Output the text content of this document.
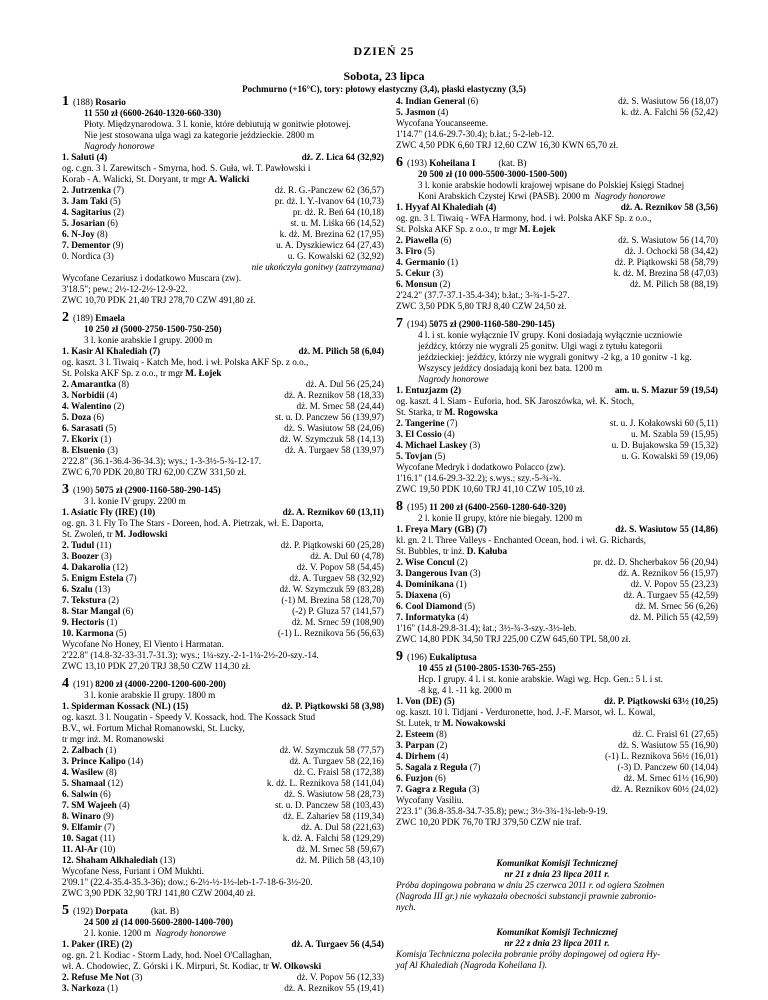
DZIEŃ 25
Sobota, 23 lipca
Pochmurno (+16°C), tory: płotowy elastyczny (3,4), płaski elastyczny (3,5)
1 (188) Rosario
11 550 zł (6600-2640-1320-660-330)
Płoty. Międzynarodowa. 3 l. konie, które debiutują w gonitwie płotowej.
Nie jest stosowana ulga wagi za kategorie jeździeckie. 2800 m
Nagrody honorowe
1. Saluti (4)	dż. Z. Lica 64 (32,92)
og. c.gn. 3 l. Zarewitsch - Smyrna, hod. S. Guła, wł. T. Pawłowski i
Korab - A. Walicki, St. Doryant, tr mgr A. Walicki
2. Jutrzenka (7)	dż. R. G.-Panczew 62 (36,57)
3. Jam Taki (5)	pr. dż. I. Y.-Ivanov 64 (10,73)
4. Sagitarius (2)	pr. dż. R. Beń 64 (10,18)
5. Josarian (6)	st. u. M. Liśka 66 (14,52)
6. N-Joy (8)	k. dż. M. Brezina 62 (17,95)
7. Dementor (9)	u. A. Dyszkiewicz 64 (27,43)
0. Nordica (3)	u. G. Kowalski 62 (32,92)
nie ukończyła gonitwy (zatrzymana)
Wycofane Cezariusz i dodatkowo Muscara (zw).
3'18.5"; pew.; 2½-12-2½-12-9-22.
ZWC 10,70 PDK 21,40 TRJ 278,70 CZW 491,80 zł.
2 (189) Emaela
10 250 zł (5000-2750-1500-750-250)
3 l. konie arabskie I grupy. 2000 m
1. Kasir Al Khalediah (7)	dż. M. Pilich 58 (6,04)
og. kaszt. 3 l. Tiwaiq - Katch Me, hod. i wł. Polska AKF Sp. z o.o.,
St. Polska AKF Sp. z o.o., tr mgr M. Łojek
2. Amarantka (8)	dż. A. Dul 56 (25,24)
3. Norbidii (4)	dż. A. Reznikov 58 (18,33)
4. Walentino (2)	dż. M. Srnec 58 (24,44)
5. Doza (6)	st. u. D. Panczew 56 (139,97)
6. Sarasati (5)	dż. S. Wasiutow 58 (24,06)
7. Ekorix (1)	dż. W. Szymczuk 58 (14,13)
8. Elsuenio (3)	dż. A. Turgaev 58 (139,97)
2'22.8" (36.1-36.4-36-34.3); wys.; 1-3-3½-5-¾-12-17.
ZWC 6,70 PDK 20,80 TRJ 62,00 CZW 331,50 zł.
3 (190) 5075 zł (2900-1160-580-290-145)
3 l. konie IV grupy. 2200 m
1. Asiatic Fly (IRE) (10)	dż. A. Reznikov 60 (13,11)
og. gn. 3 l. Fly To The Stars - Doreen, hod. A. Pietrzak, wł. E. Daporta,
St. Zwoleń, tr M. Jodłowski
2. Tudul (11)	dż. P. Piątkowski 60 (25,28)
3. Boozer (3)	dż. A. Dul 60 (4,78)
4. Dakarolia (12)	dż. V. Popov 58 (54,45)
5. Enigm Estela (7)	dż. A. Turgaev 58 (32,92)
6. Szalu (13)	dż. W. Szymczuk 59 (83,28)
7. Tekstura (2)	(-1) M. Brezina 58 (128,70)
8. Star Mangal (6)	(-2) P. Gluza 57 (141,57)
9. Hectoris (1)	dż. M. Srnec 59 (108,90)
10. Karmona (5)	(-1) L. Reznikova 56 (56,63)
Wycofane No Honey, El Viento i Harmatan.
2'22.8" (14.8-32-33-31.7-31.3); wys.; 1¼-szy.-2-1-1¼-2½-20-szy.-14.
ZWC 13,10 PDK 27,20 TRJ 38,50 CZW 114,30 zł.
4 (191) 8200 zł (4000-2200-1200-600-200)
3 l. konie arabskie II grupy. 1800 m
1. Spiderman Kossack (NL) (15)	dż. P. Piątkowski 58 (3,98)
og. kaszt. 3 l. Nougatin - Speedy V. Kossack, hod. The Kossack Stud
B.V., wł. Fortum Michał Romanowski, St. Lucky,
tr mgr inż. M. Romanowski
2. Zalbach (1)	dż. W. Szymczuk 58 (77,57)
3. Prince Kalipo (14)	dż. A. Turgaev 58 (22,16)
4. Wasilew (8)	dż. C. Fraisl 58 (172,38)
5. Shamaal (12)	k. dż. L. Reznikova 58 (141,04)
6. Salwin (6)	dż. S. Wasiutow 58 (28,73)
7. SM Wajeeh (4)	st. u. D. Panczew 58 (103,43)
8. Winaro (9)	dż. E. Zahariev 58 (119,34)
9. Elfamir (7)	dż. A. Dul 58 (221,63)
10. Sagat (11)	k. dż. A. Falchi 58 (129,29)
11. Al-Ar (10)	dż. M. Srnec 58 (59,67)
12. Shaham Alkhalediah (13)	dż. M. Pilich 58 (43,10)
Wycofane Ness, Furiant i OM Mukhti.
2'09.1" (22.4-35.4-35.3-36); dow.; 6-2½-½-1½-leb-1-7-18-6-3½-20.
ZWC 3,90 PDK 32,90 TRJ 141,80 CZW 2004,40 zł.
5 (192) Dorpata          (kat. B)
24 500 zł (14 000-5600-2800-1400-700)
2 l. konie. 1200 m  Nagrody honorowe
1. Paker (IRE) (2)	dż. A. Turgaev 56 (4,54)
og. gn. 2 l. Kodiac - Storm Lady, hod. Noel O'Callaghan,
wł. A. Chodowiec, Z. Górski i K. Mirpuri, St. Kodiac, tr W. Olkowski
2. Refuse Me Not (3)	dż. V. Popov 56 (12,33)
3. Narkoza (1)	dż. A. Reznikov 55 (19,41)
4. Indian General (6)	dż. S. Wasiutow 56 (18,07)
5. Jasmon (4)	k. dż. A. Falchi 56 (52,42)
Wycofana Youcanseeme.
1'14.7" (14.6-29.7-30.4); b.łat.; 5-2-leb-12.
ZWC 4,50 PDK 6,60 TRJ 12,60 CZW 16,30 KWN 65,70 zł.
6 (193) Koheilana I          (kat. B)
20 500 zł (10 000-5500-3000-1500-500)
3 l. konie arabskie hodowli krajowej wpisane do Polskiej Księgi Stadnej
Koni Arabskich Czystej Krwi (PASB). 2000 m  Nagrody honorowe
1. Hyyaf Al Khalediah (4)	dż. A. Reznikov 58 (3,56)
og. gn. 3 l. Tiwaiq - WFA Harmony, hod. i wł. Polska AKF Sp. z o.o.,
St. Polska AKF Sp. z o.o., tr mgr M. Łojek
2. Piawella (6)	dż. S. Wasiutow 56 (14,70)
3. Firo (5)	dż. J. Ochocki 58 (34,42)
4. Germanio (1)	dż. P. Piątkowski 58 (58,79)
5. Cekur (3)	k. dż. M. Brezina 58 (47,03)
6. Monsun (2)	dż. M. Pilich 58 (88,19)
2'24.2" (37.7-37.1-35.4-34); b.łat.; 3-¾-1-5-27.
ZWC 3,50 PDK 5,80 TRJ 8,40 CZW 24,50 zł.
7 (194) 5075 zł (2900-1160-580-290-145)
4 l. i st. konie wyłącznie IV grupy. Koni dosiadają wyłącznie uczniowie
jeźdźcy, którzy nie wygrali 25 gonitw. Ulgi wagi z tytułu kategorii
jeździeckiej: jeźdźcy, którzy nie wygrali gonitwy -2 kg, a 10 gonitw -1 kg.
Wszyscy jeźdźcy dosiadają koni bez bata. 1200 m
Nagrody honorowe
1. Entuzjazm (2)	am. u. S. Mazur 59 (19,54)
og. kaszt. 4 l. Siam - Euforia, hod. SK Jaroszówka, wł. K. Stoch,
St. Starka, tr M. Rogowska
2. Tangerine (7)	st. u. J. Kołakowski 60 (5,11)
3. El Cossio (4)	u. M. Szabla 59 (15,95)
4. Michael Laskey (3)	u. D. Bujakowska 59 (15,32)
5. Tovjan (5)	u. G. Kowalski 59 (19,06)
Wycofane Medryk i dodatkowo Polacco (zw).
1'16.1" (14.6-29.3-32.2); s.wys.; szy.-5-¾-¾.
ZWC 19,50 PDK 10,60 TRJ 41,10 CZW 105,10 zł.
8 (195) 11 200 zł (6400-2560-1280-640-320)
2 l. konie II grupy, które nie biegały. 1200 m
1. Freya Mary (GB) (7)	dż. S. Wasiutow 55 (14,86)
kl. gn. 2 l. Three Valleys - Enchanted Ocean, hod. i wł. G. Richards,
St. Bubbles, tr inż. D. Kałuba
2. Wise Concul (2)	pr. dż. D. Shcherbakov 56 (20,94)
3. Dangerous Ivan (3)	dż. A. Reznikov 56 (15,97)
4. Dominikana (1)	dż. V. Popov 55 (23,23)
5. Diaxena (6)	dż. A. Turgaev 55 (42,59)
6. Cool Diamond (5)	dż. M. Srnec 56 (6,26)
7. Informatyka (4)	dż. M. Pilich 55 (42,59)
1'16" (14.8-29.8-31.4); łat.; 3½-¾-3-szy.-3½-leb.
ZWC 14,80 PDK 34,50 TRJ 225,00 CZW 645,60 TPL 58,00 zł.
9 (196) Eukaliptusa
10 455 zł (5100-2805-1530-765-255)
Hcp. I grupy. 4 l. i st. konie arabskie. Wagi wg. Hcp. Gen.: 5 l. i st.
-8 kg, 4 l. -11 kg. 2000 m
1. Von (DE) (5)	dż. P. Piątkowski 63½ (10,25)
og. kaszt. 10 l. Tidjani - Verduronette, hod. J.-F. Marsot, wł. L. Kowal,
St. Lutek, tr M. Nowakowski
2. Esteem (8)	dż. C. Fraisl 61 (27,65)
3. Parpan (2)	dż. S. Wasiutow 55 (16,90)
4. Dirhem (4)	(-1) L. Reznikova 56½ (16,01)
5. Sagala z Reguła (7)	(-3) D. Panczew 60 (14,04)
6. Fuzjon (6)	dż. M. Srnec 61½ (16,90)
7. Gagra z Reguła (3)	dż. A. Reznikov 60½ (24,02)
Wycofany Vasiliu.
2'23.1" (36.8-35.8-34.7-35.8); pew.; 3½-3¾-1¾-leb-9-19.
ZWC 10,20 PDK 76,70 TRJ 379,50 CZW nie traf.
Komunikat Komisji Technicznej
nr 21 z dnia 23 lipca 2011 r.
Próba dopingowa pobrana w dniu 25 czerwca 2011 r. od ogiera Szołmen
(Nagroda III gr.) nie wykazała obecności substancji prawnie zabronio-
nych.
Komunikat Komisji Technicznej
nr 22 z dnia 23 lipca 2011 r.
Komisja Techniczna poleciła pobranie próby dopingowej od ogiera Hy-
yaf Al Khalediah (Nagroda Koheilana I).
